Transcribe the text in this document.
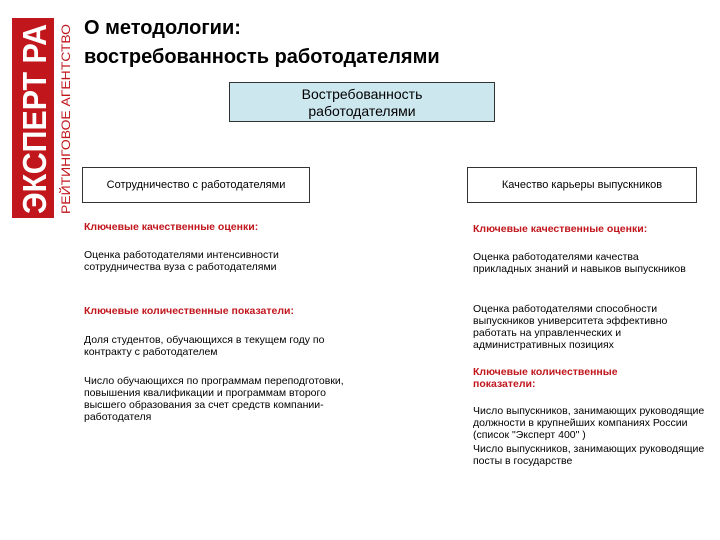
ЭКСПЕРТ РА РЕЙТИНГОВОЕ АГЕНТСТВО
О методологии:
востребованность работодателями
Востребованность
работодателями
Сотрудничество с работодателями	Качество карьеры выпускников
Ключевые качественные оценки:
Оценка работодателями интенсивности сотрудничества вуза с работодателями
Ключевые количественные показатели:
Доля студентов, обучающихся в текущем году по контракту с работодателем
Число обучающихся по программам переподготовки, повышения квалификации и программам второго высшего образования за счет средств компании-работодателя
Ключевые качественные оценки:
Оценка работодателями качества прикладных знаний и навыков выпускников
Оценка работодателями способности выпускников университета эффективно работать на управленческих и административных позициях
Ключевые количественные показатели:
Число выпускников, занимающих руководящие должности в крупнейших компаниях России (список "Эксперт 400" )
Число выпускников, занимающих руководящие посты в государстве
